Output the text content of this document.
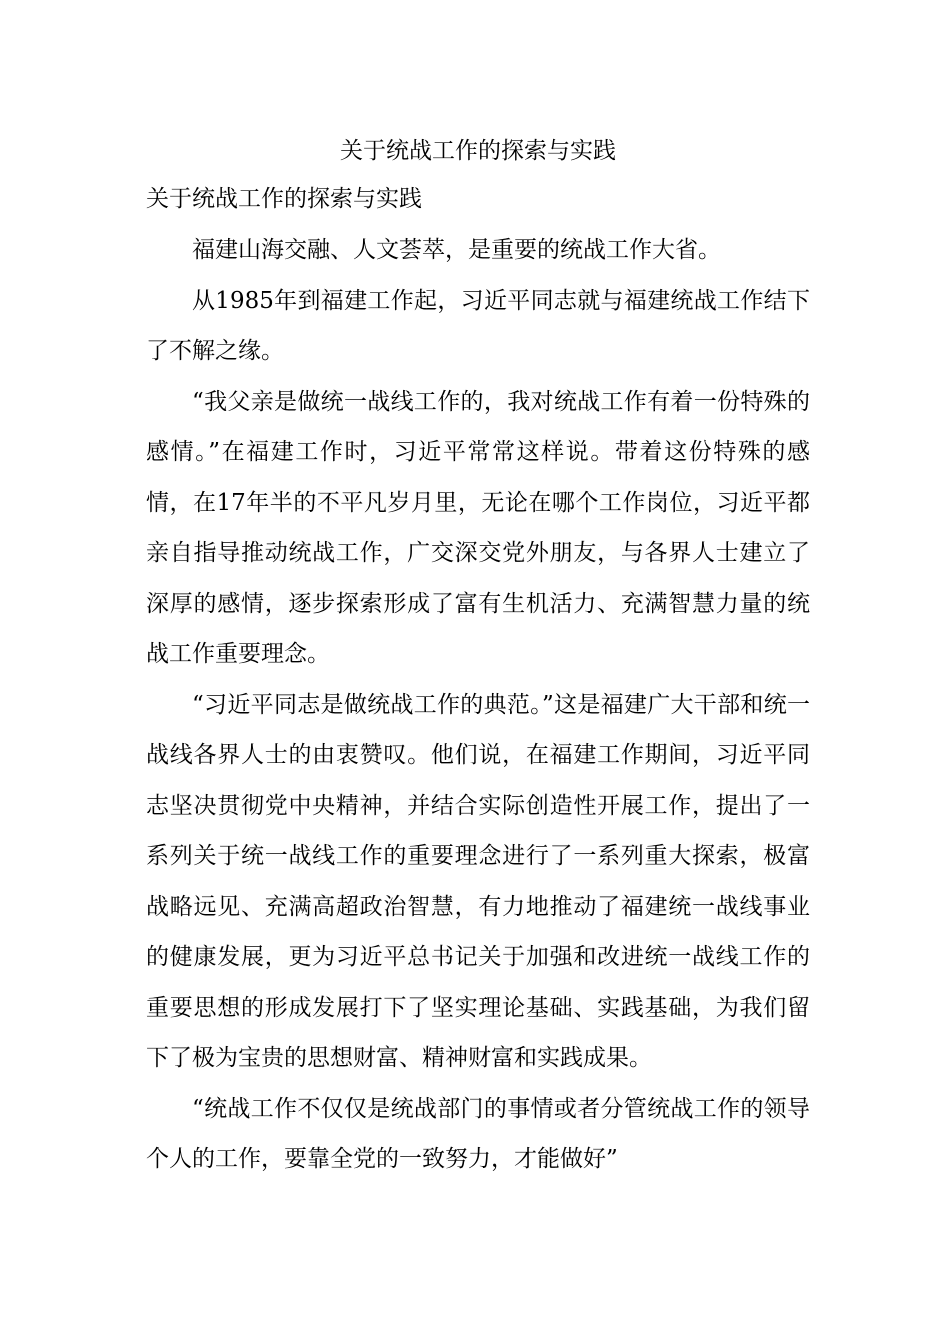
关于统战工作的探索与实践
关于统战工作的探索与实践

福建山海交融、人文荟萃，是重要的统战工作大省。

从1985年到福建工作起，习近平同志就与福建统战工作结下了不解之缘。

“我父亲是做统一战线工作的，我对统战工作有着一份特殊的感情。”在福建工作时，习近平常常这样说。带着这份特殊的感情，在17年半的不平凡岁月里，无论在哪个工作岗位，习近平都亲自指导推动统战工作，广交深交党外朋友，与各界人士建立了深厚的感情，逐步探索形成了富有生机活力、充满智慧力量的统战工作重要理念。

“习近平同志是做统战工作的典范。”这是福建广大干部和统一战线各界人士的由衷赞叹。他们说，在福建工作期间，习近平同志坚决贯彻党中央精神，并结合实际创造性开展工作，提出了一系列关于统一战线工作的重要理念进行了一系列重大探索，极富战略远见、充满高超政治智慧，有力地推动了福建统一战线事业的健康发展，更为习近平总书记关于加强和改进统一战线工作的重要思想的形成发展打下了坚实理论基础、实践基础，为我们留下了极为宝贵的思想财富、精神财富和实践成果。

“统战工作不仅仅是统战部门的事情或者分管统战工作的领导个人的工作，要靠全党的一致努力，才能做好”
